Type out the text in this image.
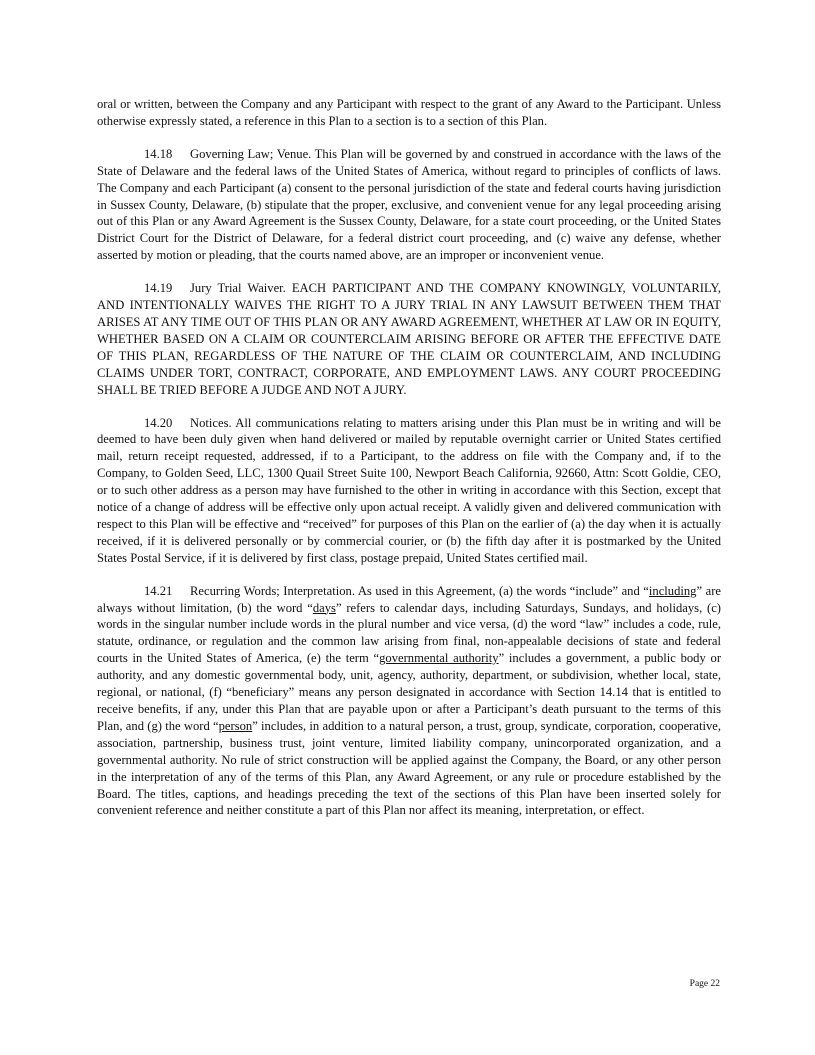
oral or written, between the Company and any Participant with respect to the grant of any Award to the Participant. Unless otherwise expressly stated, a reference in this Plan to a section is to a section of this Plan.

14.18 Governing Law; Venue. This Plan will be governed by and construed in accordance with the laws of the State of Delaware and the federal laws of the United States of America, without regard to principles of conflicts of laws. The Company and each Participant (a) consent to the personal jurisdiction of the state and federal courts having jurisdiction in Sussex County, Delaware, (b) stipulate that the proper, exclusive, and convenient venue for any legal proceeding arising out of this Plan or any Award Agreement is the Sussex County, Delaware, for a state court proceeding, or the United States District Court for the District of Delaware, for a federal district court proceeding, and (c) waive any defense, whether asserted by motion or pleading, that the courts named above, are an improper or inconvenient venue.

14.19 Jury Trial Waiver. EACH PARTICIPANT AND THE COMPANY KNOWINGLY, VOLUNTARILY, AND INTENTIONALLY WAIVES THE RIGHT TO A JURY TRIAL IN ANY LAWSUIT BETWEEN THEM THAT ARISES AT ANY TIME OUT OF THIS PLAN OR ANY AWARD AGREEMENT, WHETHER AT LAW OR IN EQUITY, WHETHER BASED ON A CLAIM OR COUNTERCLAIM ARISING BEFORE OR AFTER THE EFFECTIVE DATE OF THIS PLAN, REGARDLESS OF THE NATURE OF THE CLAIM OR COUNTERCLAIM, AND INCLUDING CLAIMS UNDER TORT, CONTRACT, CORPORATE, AND EMPLOYMENT LAWS. ANY COURT PROCEEDING SHALL BE TRIED BEFORE A JUDGE AND NOT A JURY.

14.20 Notices. All communications relating to matters arising under this Plan must be in writing and will be deemed to have been duly given when hand delivered or mailed by reputable overnight carrier or United States certified mail, return receipt requested, addressed, if to a Participant, to the address on file with the Company and, if to the Company, to Golden Seed, LLC, 1300 Quail Street Suite 100, Newport Beach California, 92660, Attn: Scott Goldie, CEO, or to such other address as a person may have furnished to the other in writing in accordance with this Section, except that notice of a change of address will be effective only upon actual receipt. A validly given and delivered communication with respect to this Plan will be effective and “received” for purposes of this Plan on the earlier of (a) the day when it is actually received, if it is delivered personally or by commercial courier, or (b) the fifth day after it is postmarked by the United States Postal Service, if it is delivered by first class, postage prepaid, United States certified mail.

14.21 Recurring Words; Interpretation. As used in this Agreement, (a) the words “include” and “including” are always without limitation, (b) the word “days” refers to calendar days, including Saturdays, Sundays, and holidays, (c) words in the singular number include words in the plural number and vice versa, (d) the word “law” includes a code, rule, statute, ordinance, or regulation and the common law arising from final, non-appealable decisions of state and federal courts in the United States of America, (e) the term “governmental authority” includes a government, a public body or authority, and any domestic governmental body, unit, agency, authority, department, or subdivision, whether local, state, regional, or national, (f) “beneficiary” means any person designated in accordance with Section 14.14 that is entitled to receive benefits, if any, under this Plan that are payable upon or after a Participant’s death pursuant to the terms of this Plan, and (g) the word “person” includes, in addition to a natural person, a trust, group, syndicate, corporation, cooperative, association, partnership, business trust, joint venture, limited liability company, unincorporated organization, and a governmental authority. No rule of strict construction will be applied against the Company, the Board, or any other person in the interpretation of any of the terms of this Plan, any Award Agreement, or any rule or procedure established by the Board. The titles, captions, and headings preceding the text of the sections of this Plan have been inserted solely for convenient reference and neither constitute a part of this Plan nor affect its meaning, interpretation, or effect.

Page 22
